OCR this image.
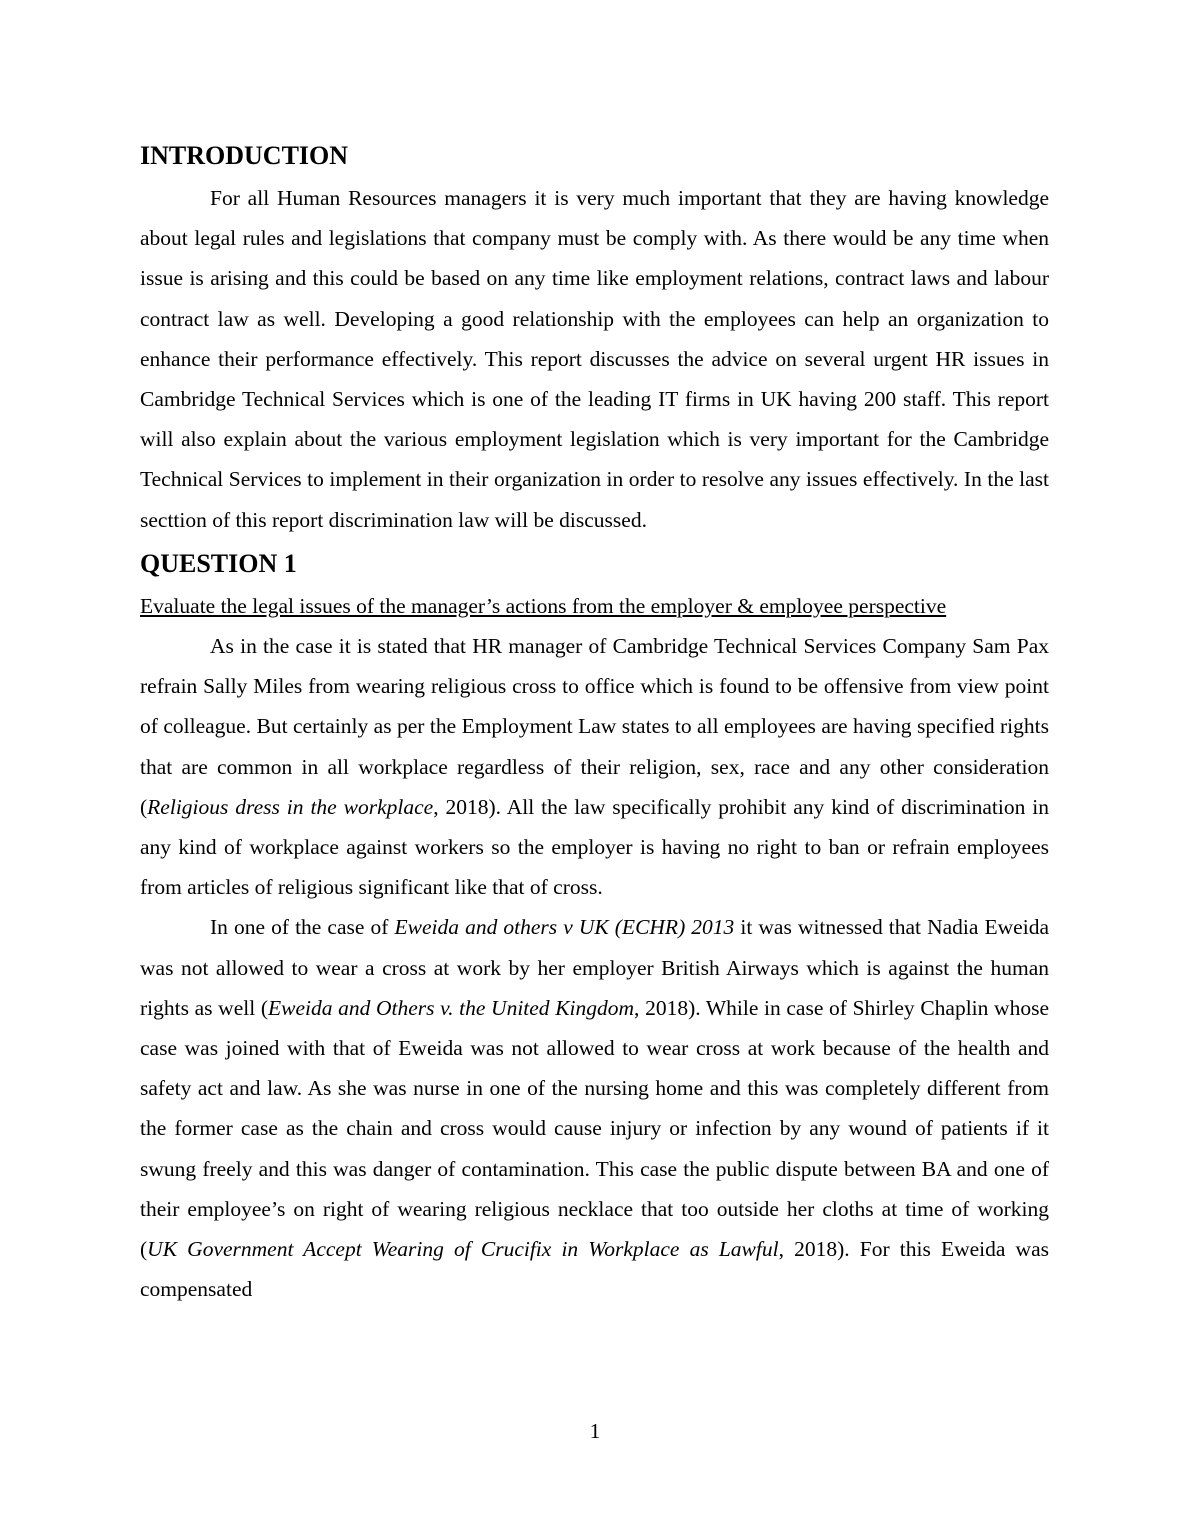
INTRODUCTION

For all Human Resources managers it is very much important that they are having knowledge about legal rules and legislations that company must be comply with. As there would be any time when issue is arising and this could be based on any time like employment relations, contract laws and labour contract law as well. Developing a good relationship with the employees can help an organization to enhance their performance effectively. This report discusses the advice on several urgent HR issues in Cambridge Technical Services which is one of the leading IT firms in UK having 200 staff. This report will also explain about the various employment legislation which is very important for the Cambridge Technical Services to implement in their organization in order to resolve any issues effectively. In the last secttion of this report discrimination law will be discussed.

QUESTION 1
Evaluate the legal issues of the manager’s actions from the employer & employee perspective

As in the case it is stated that HR manager of Cambridge Technical Services Company Sam Pax refrain Sally Miles from wearing religious cross to office which is found to be offensive from view point of colleague. But certainly as per the Employment Law states to all employees are having specified rights that are common in all workplace regardless of their religion, sex, race and any other consideration (Religious dress in the workplace, 2018). All the law specifically prohibit any kind of discrimination in any kind of workplace against workers so the employer is having no right to ban or refrain employees from articles of religious significant like that of cross.

In one of the case of Eweida and others v UK (ECHR) 2013 it was witnessed that Nadia Eweida was not allowed to wear a cross at work by her employer British Airways which is against the human rights as well (Eweida and Others v. the United Kingdom, 2018). While in case of Shirley Chaplin whose case was joined with that of Eweida was not allowed to wear cross at work because of the health and safety act and law. As she was nurse in one of the nursing home and this was completely different from the former case as the chain and cross would cause injury or infection by any wound of patients if it swung freely and this was danger of contamination. This case the public dispute between BA and one of their employee’s on right of wearing religious necklace that too outside her cloths at time of working (UK Government Accept Wearing of Crucifix in Workplace as Lawful, 2018). For this Eweida was compensated

1
